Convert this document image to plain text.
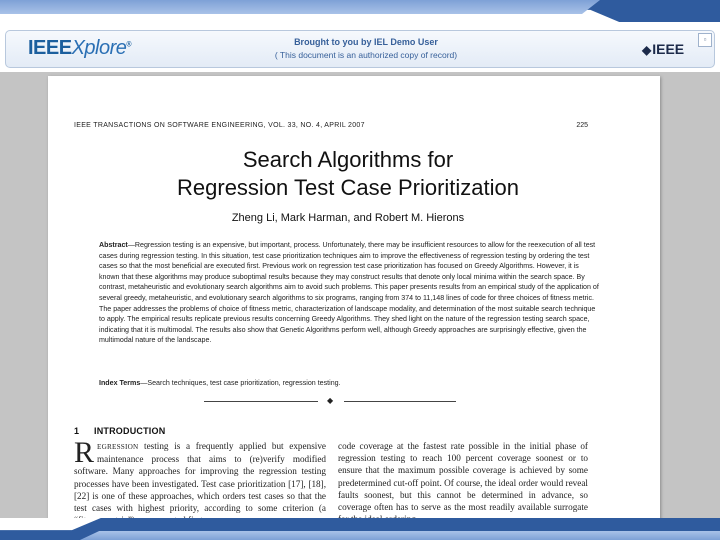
IEEEXplore®	Brought to you by IEL Demo User
( This document is an authorized copy of record)	◆IEEE
▫
IEEE TRANSACTIONS ON SOFTWARE ENGINEERING, VOL. 33, NO. 4, APRIL 2007	225
Search Algorithms for
Regression Test Case Prioritization
Zheng Li, Mark Harman, and Robert M. Hierons
Abstract—Regression testing is an expensive, but important, process. Unfortunately, there may be insufficient resources to allow for the reexecution of all test cases during regression testing. In this situation, test case prioritization techniques aim to improve the effectiveness of regression testing by ordering the test cases so that the most beneficial are executed first. Previous work on regression test case prioritization has focused on Greedy Algorithms. However, it is known that these algorithms may produce suboptimal results because they may construct results that denote only local minima within the search space. By contrast, metaheuristic and evolutionary search algorithms aim to avoid such problems. This paper presents results from an empirical study of the application of several greedy, metaheuristic, and evolutionary search algorithms to six programs, ranging from 374 to 11,148 lines of code for three choices of fitness metric. The paper addresses the problems of choice of fitness metric, characterization of landscape modality, and determination of the most suitable search technique to apply. The empirical results replicate previous results concerning Greedy Algorithms. They shed light on the nature of the regression testing search space, indicating that it is multimodal. The results also show that Genetic Algorithms perform well, although Greedy approaches are surprisingly effective, given the multimodal nature of the landscape.
Index Terms—Search techniques, test case prioritization, regression testing.
◆
1 INTRODUCTION
REGRESSION testing is a frequently applied but expensive maintenance process that aims to (re)verify modified software. Many approaches for improving the regression testing processes have been investigated. Test case prioritization [17], [18], [22] is one of these approaches, which orders test cases so that the test cases with highest priority, according to some criterion (a
code coverage at the fastest rate possible in the initial phase of regression testing to reach 100 percent coverage soonest or to ensure that the maximum possible coverage is achieved by some predetermined cut-off point. Of course, the ideal order would reveal faults soonest, but this cannot be determined in advance, so coverage often has to serve as the most readily available surrogate
